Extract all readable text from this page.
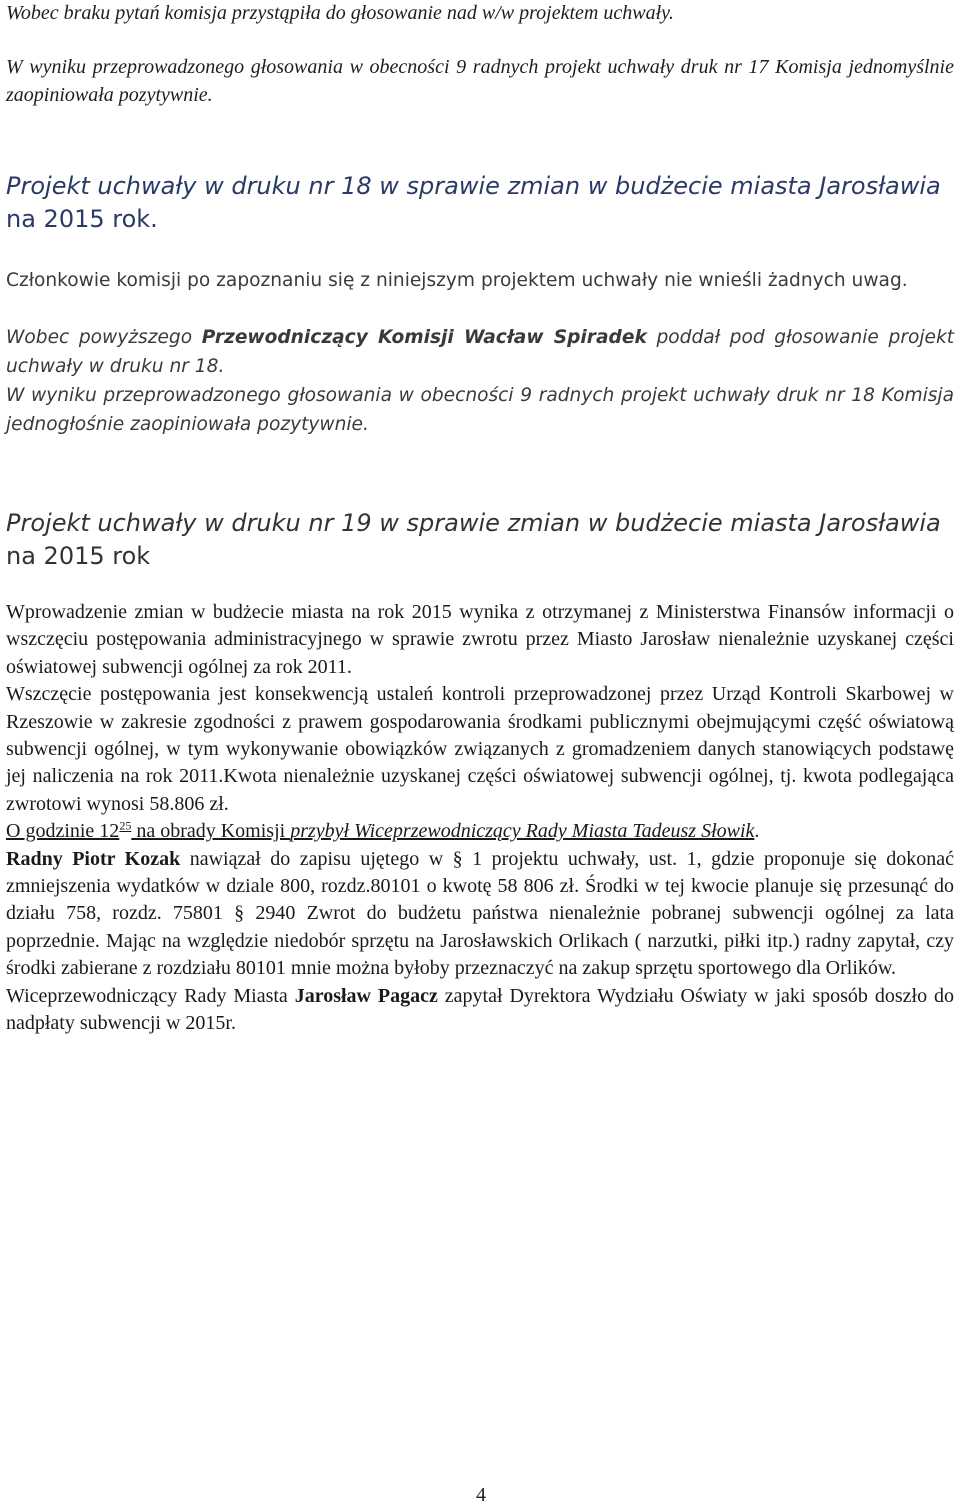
Wobec braku pytań komisja przystąpiła do głosowanie nad w/w projektem uchwały.

W wyniku przeprowadzonego głosowania w obecności 9 radnych projekt uchwały druk nr 17 Komisja jednomyślnie zaopiniowała pozytywnie.

Projekt uchwały w druku nr 18 w sprawie zmian w budżecie miasta Jarosławia na 2015 rok.

Członkowie komisji po zapoznaniu się z niniejszym projektem uchwały nie wnieśli żadnych uwag.

Wobec powyższego Przewodniczący Komisji Wacław Spiradek poddał pod głosowanie projekt uchwały w druku nr 18.

W wyniku przeprowadzonego głosowania w obecności 9 radnych projekt uchwały druk nr 18 Komisja jednogłośnie zaopiniowała pozytywnie.

Projekt uchwały w druku nr 19 w sprawie zmian w budżecie miasta Jarosławia na 2015 rok

Wprowadzenie zmian w budżecie miasta na rok 2015 wynika z otrzymanej z Ministerstwa Finansów informacji o wszczęciu postępowania administracyjnego w sprawie zwrotu przez Miasto Jarosław nienależnie uzyskanej części oświatowej subwencji ogólnej za rok 2011.
Wszczęcie postępowania jest konsekwencją ustaleń kontroli przeprowadzonej przez Urząd Kontroli Skarbowej w Rzeszowie w zakresie zgodności z prawem gospodarowania środkami publicznymi obejmującymi część oświatową subwencji ogólnej, w tym wykonywanie obowiązków związanych z gromadzeniem danych stanowiących podstawę jej naliczenia na rok 2011.Kwota nienależnie uzyskanej części oświatowej subwencji ogólnej, tj. kwota podlegająca zwrotowi wynosi 58.806 zł.
O godzinie $12^{25}$ na obrady Komisji przybył Wiceprzewodniczący Rady Miasta Tadeusz Słowik.
Radny Piotr Kozak nawiązał do zapisu ujętego w § 1 projektu uchwały, ust. 1, gdzie proponuje się dokonać zmniejszenia wydatków w dziale 800, rozdz.80101 o kwotę 58 806 zł. Środki w tej kwocie planuje się przesunąć do działu 758, rozdz. 75801 § 2940 Zwrot do budżetu państwa nienależnie pobranej subwencji ogólnej za lata poprzednie. Mając na względzie niedobór sprzętu na Jarosławskich Orlikach ( narzutki, piłki itp.) radny zapytał, czy środki zabierane z rozdziału 80101 mnie można byłoby przeznaczyć na zakup sprzętu sportowego dla Orlików.
Wiceprzewodniczący Rady Miasta Jarosław Pagacz zapytał Dyrektora Wydziału Oświaty w jaki sposób doszło do nadpłaty subwencji w 2015r.
4
